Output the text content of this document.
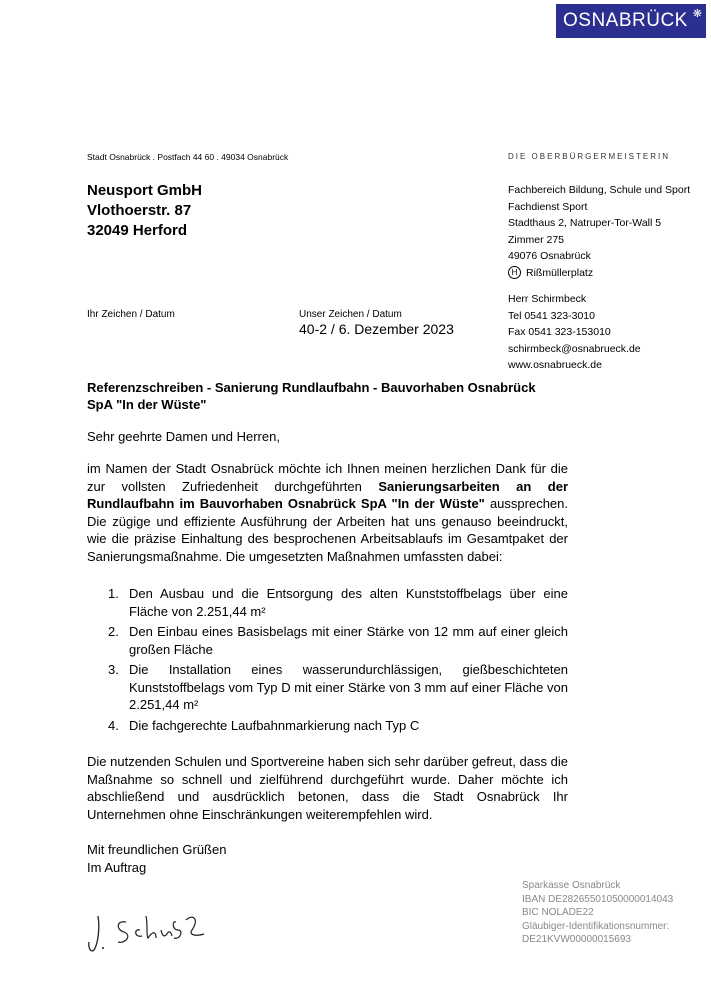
OSNABRÜCK ❋
Stadt Osnabrück . Postfach 44 60 . 49034 Osnabrück	DIE OBERBÜRGERMEISTERIN
Neusport GmbH
Vlothoerstr. 87
32049 Herford
Fachbereich Bildung, Schule und Sport
Fachdienst Sport
Stadthaus 2, Natruper-Tor-Wall 5
Zimmer 275
49076 Osnabrück
H Rißmüllerplatz
Herr Schirmbeck
Tel 0541 323-3010
Fax 0541 323-153010
schirmbeck@osnabrueck.de
www.osnabrueck.de
Ihr Zeichen / Datum	Unser Zeichen / Datum
40-2 / 6. Dezember 2023
Referenzschreiben - Sanierung Rundlaufbahn - Bauvorhaben Osnabrück
SpA "In der Wüste"
Sehr geehrte Damen und Herren,
im Namen der Stadt Osnabrück möchte ich Ihnen meinen herzlichen Dank für die zur vollsten Zufriedenheit durchgeführten Sanierungsarbeiten an der Rundlaufbahn im Bauvorhaben Osnabrück SpA "In der Wüste" aussprechen. Die zügige und effiziente Ausführung der Arbeiten hat uns genauso beeindruckt, wie die präzise Einhaltung des besprochenen Arbeitsablaufs im Gesamtpaket der Sanierungsmaßnahme. Die umgesetzten Maßnahmen umfassten dabei:
1. Den Ausbau und die Entsorgung des alten Kunststoffbelags über eine Fläche von 2.251,44 m²
2. Den Einbau eines Basisbelags mit einer Stärke von 12 mm auf einer gleich großen Fläche
3. Die Installation eines wasserundurchlässigen, gießbeschichteten Kunststoffbelags vom Typ D mit einer Stärke von 3 mm auf einer Fläche von 2.251,44 m²
4. Die fachgerechte Laufbahnmarkierung nach Typ C
Die nutzenden Schulen und Sportvereine haben sich sehr darüber gefreut, dass die Maßnahme so schnell und zielführend durchgeführt wurde. Daher möchte ich abschließend und ausdrücklich betonen, dass die Stadt Osnabrück Ihr Unternehmen ohne Einschränkungen weiterempfehlen wird.
Mit freundlichen Grüßen
Im Auftrag
Sparkasse Osnabrück
IBAN DE28265501050000014043
BIC NOLADE22
Gläubiger-Identifikationsnummer:
DE21KVW00000015693
